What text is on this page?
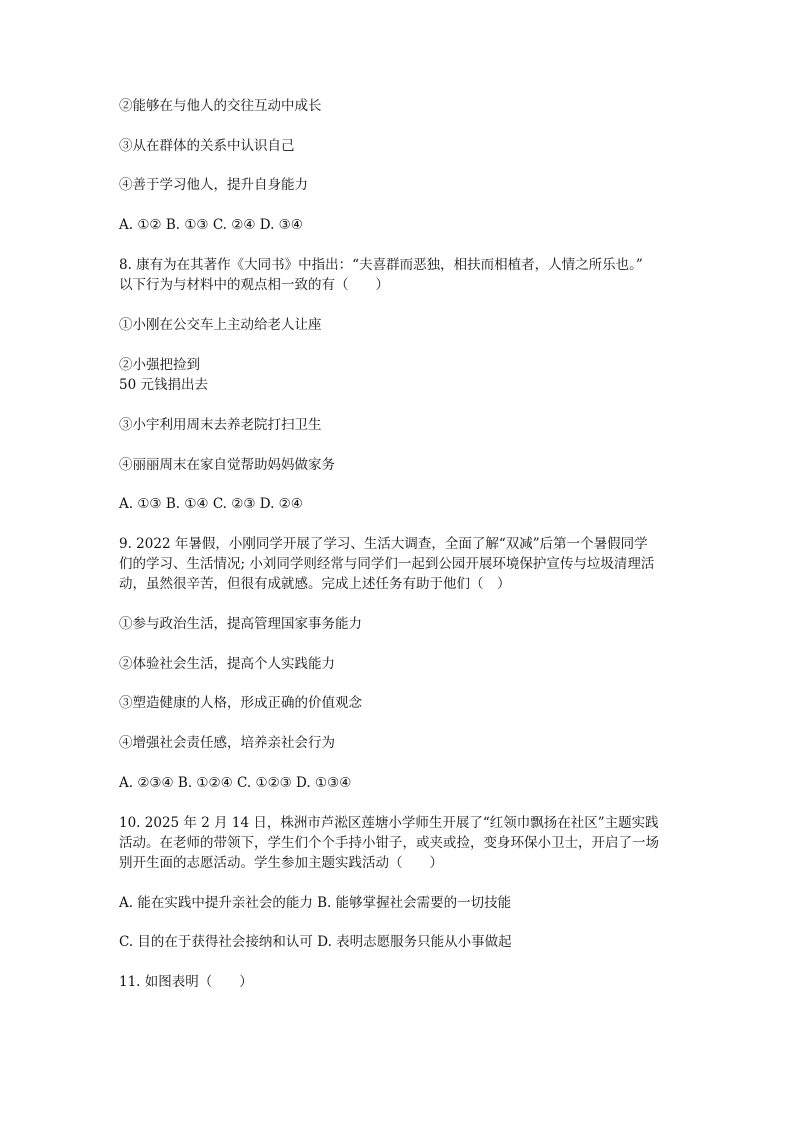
②能够在与他人的交往互动中成长
③从在群体的关系中认识自己
④善于学习他人，提升自身能力
A. ①② B. ①③ C. ②④ D. ③④
8. 康有为在其著作《大同书》中指出：“夫喜群而恶独，相扶而相植者，人情之所乐也。”
以下行为与材料中的观点相一致的有（　　）
①小刚在公交车上主动给老人让座
②小强把捡到
50 元钱捐出去
③小宇利用周末去养老院打扫卫生
④丽丽周末在家自觉帮助妈妈做家务
A. ①③ B. ①④ C. ②③ D. ②④
9. 2022 年暑假，小刚同学开展了学习、生活大调查，全面了解“双减”后第一个暑假同学
们的学习、生活情况; 小刘同学则经常与同学们一起到公园开展环境保护宣传与垃圾清理活
动，虽然很辛苦，但很有成就感。完成上述任务有助于他们（　）
①参与政治生活，提高管理国家事务能力
②体验社会生活，提高个人实践能力
③塑造健康的人格，形成正确的价值观念
④增强社会责任感，培养亲社会行为
A. ②③④ B. ①②④ C. ①②③ D. ①③④
10. 2025 年 2 月 14 日，株洲市芦淞区莲塘小学师生开展了“红领巾飘扬在社区”主题实践
活动。在老师的带领下，学生们个个手持小钳子，或夹或捡，变身环保小卫士，开启了一场
别开生面的志愿活动。学生参加主题实践活动（　　）
A. 能在实践中提升亲社会的能力 B. 能够掌握社会需要的一切技能
C. 目的在于获得社会接纳和认可 D. 表明志愿服务只能从小事做起
11. 如图表明（　　）
